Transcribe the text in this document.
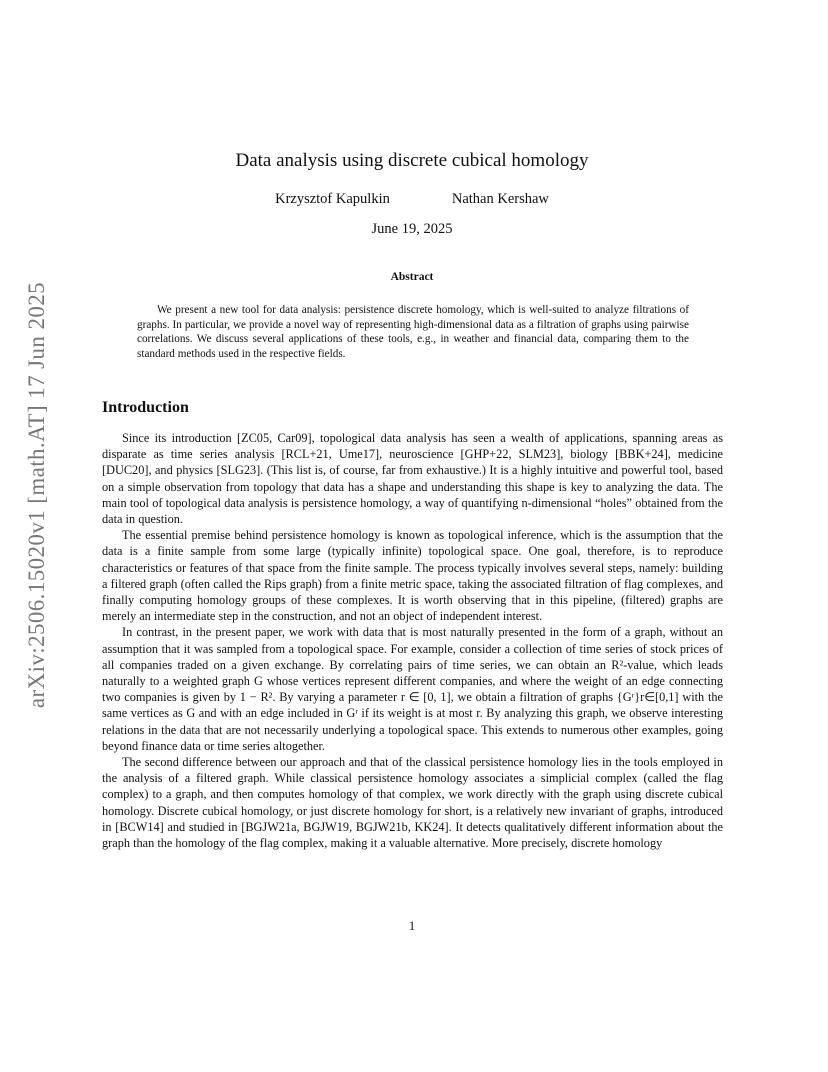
arXiv:2506.15020v1 [math.AT] 17 Jun 2025
Data analysis using discrete cubical homology
Krzysztof Kapulkin	Nathan Kershaw
June 19, 2025
Abstract

We present a new tool for data analysis: persistence discrete homology, which is well-suited to analyze filtrations of graphs. In particular, we provide a novel way of representing high-dimensional data as a filtration of graphs using pairwise correlations. We discuss several applications of these tools, e.g., in weather and financial data, comparing them to the standard methods used in the respective fields.

Introduction

Since its introduction [ZC05, Car09], topological data analysis has seen a wealth of applications, spanning areas as disparate as time series analysis [RCL+21, Ume17], neuroscience [GHP+22, SLM23], biology [BBK+24], medicine [DUC20], and physics [SLG23]. (This list is, of course, far from exhaustive.) It is a highly intuitive and powerful tool, based on a simple observation from topology that data has a shape and understanding this shape is key to analyzing the data. The main tool of topological data analysis is persistence homology, a way of quantifying n-dimensional “holes” obtained from the data in question.

The essential premise behind persistence homology is known as topological inference, which is the assumption that the data is a finite sample from some large (typically infinite) topological space. One goal, therefore, is to reproduce characteristics or features of that space from the finite sample. The process typically involves several steps, namely: building a filtered graph (often called the Rips graph) from a finite metric space, taking the associated filtration of flag complexes, and finally computing homology groups of these complexes. It is worth observing that in this pipeline, (filtered) graphs are merely an intermediate step in the construction, and not an object of independent interest.

In contrast, in the present paper, we work with data that is most naturally presented in the form of a graph, without an assumption that it was sampled from a topological space. For example, consider a collection of time series of stock prices of all companies traded on a given exchange. By correlating pairs of time series, we can obtain an R²-value, which leads naturally to a weighted graph G whose vertices represent different companies, and where the weight of an edge connecting two companies is given by 1 − R². By varying a parameter r ∈ [0, 1], we obtain a filtration of graphs {Gʳ}r∈[0,1] with the same vertices as G and with an edge included in Gʳ if its weight is at most r. By analyzing this graph, we observe interesting relations in the data that are not necessarily underlying a topological space. This extends to numerous other examples, going beyond finance data or time series altogether.

The second difference between our approach and that of the classical persistence homology lies in the tools employed in the analysis of a filtered graph. While classical persistence homology associates a simplicial complex (called the flag complex) to a graph, and then computes homology of that complex, we work directly with the graph using discrete cubical homology. Discrete cubical homology, or just discrete homology for short, is a relatively new invariant of graphs, introduced in [BCW14] and studied in [BGJW21a, BGJW19, BGJW21b, KK24]. It detects qualitatively different information about the graph than the homology of the flag complex, making it a valuable alternative. More precisely, discrete homology

1
